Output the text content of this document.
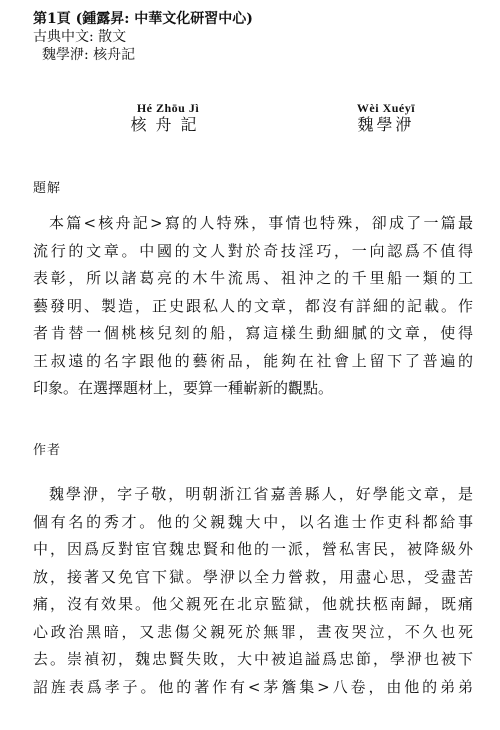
第1頁 (鍾露昇: 中華文化研習中心)
古典中文: 散文
魏學洢: 核舟記
Hé Zhōu Jì
核舟記
Wèi Xuéyī
魏學洢
題解
本篇<核舟記>寫的人特殊，事情也特殊，卻成了一篇最
流行的文章。中國的文人對於奇技淫巧，一向認爲不值得
表彰，所以諸葛亮的木牛流馬、祖沖之的千里船一類的工
藝發明、製造，正史跟私人的文章，都沒有詳細的記載。作
者肯替一個桃核兒刻的船，寫這樣生動細膩的文章，使得
王叔遠的名字跟他的藝術品，能夠在社會上留下了普遍的
印象。在選擇題材上，要算一種嶄新的觀點。
作者
魏學洢，字子敬，明朝浙江省嘉善縣人，好學能文章，是
個有名的秀才。他的父親魏大中，以名進士作吏科都給事
中，因爲反對宦官魏忠賢和他的一派，營私害民，被降級外
放，接著又免官下獄。學洢以全力營救，用盡心思，受盡苦
痛，沒有效果。他父親死在北京監獄，他就扶柩南歸，既痛
心政治黑暗，又悲傷父親死於無罪，晝夜哭泣，不久也死
去。崇禎初，魏忠賢失敗，大中被追謚爲忠節，學洢也被下
詔旌表爲孝子。他的著作有<茅簷集>八卷，由他的弟弟
